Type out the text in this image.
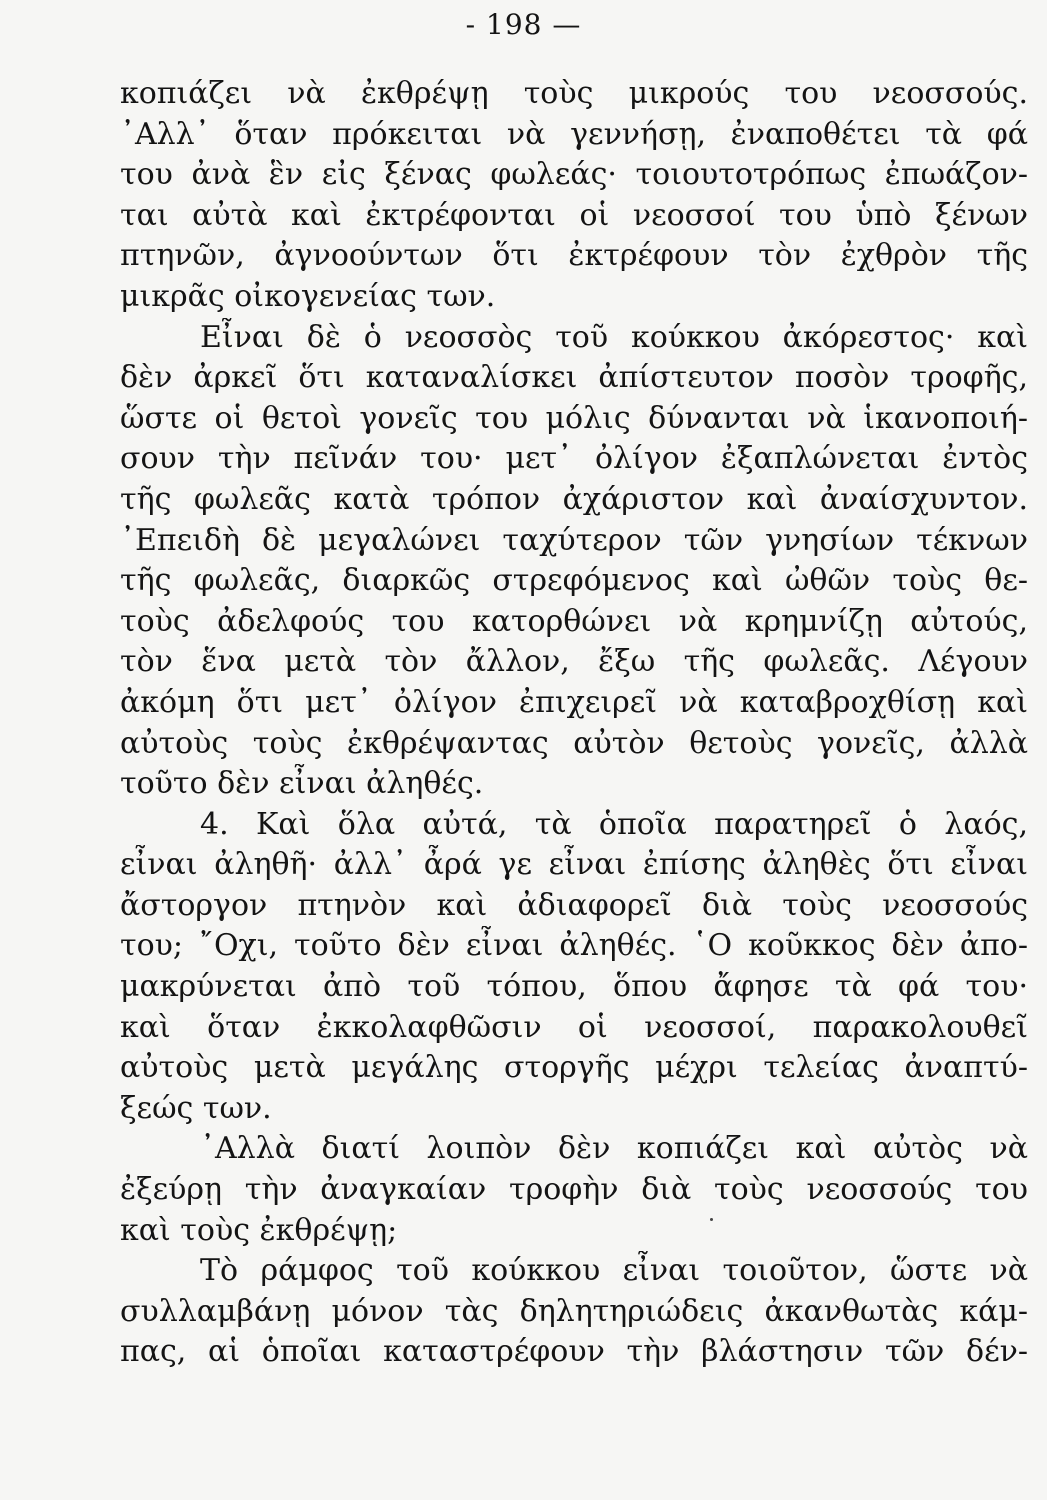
- 198 —
κοπιάζει νὰ ἐκθρέψῃ τοὺς μικρούς του νεοσσούς.
᾿Αλλ᾿ ὅταν πρόκειται νὰ γεννήσῃ, ἐναποθέτει τὰ φά
του ἀνὰ ἓν εἰς ξένας φωλεάς· τοιουτοτρόπως ἐπωάζον-
ται αὐτὰ καὶ ἐκτρέφονται οἱ νεοσσοί του ὑπὸ ξένων
πτηνῶν, ἀγνοούντων ὅτι ἐκτρέφουν τὸν ἐχθρὸν τῆς
μικρᾶς οἰκογενείας των.
Εἶναι δὲ ὁ νεοσσὸς τοῦ κούκκου ἀκόρεστος· καὶ
δὲν ἀρκεῖ ὅτι καταναλίσκει ἀπίστευτον ποσὸν τροφῆς,
ὥστε οἱ θετοὶ γονεῖς του μόλις δύνανται νὰ ἱκανοποιή-
σουν τὴν πεῖνάν του· μετ᾿ ὀλίγον ἐξαπλώνεται ἐντὸς
τῆς φωλεᾶς κατὰ τρόπον ἀχάριστον καὶ ἀναίσχυντον.
᾿Επειδὴ δὲ μεγαλώνει ταχύτερον τῶν γνησίων τέκνων
τῆς φωλεᾶς, διαρκῶς στρεφόμενος καὶ ὠθῶν τοὺς θε-
τοὺς ἀδελφούς του κατορθώνει νὰ κρημνίζῃ αὐτούς,
τὸν ἕνα μετὰ τὸν ἄλλον, ἔξω τῆς φωλεᾶς. Λέγουν
ἀκόμη ὅτι μετ᾿ ὀλίγον ἐπιχειρεῖ νὰ καταβροχθίσῃ καὶ
αὐτοὺς τοὺς ἐκθρέψαντας αὐτὸν θετοὺς γονεῖς, ἀλλὰ
τοῦτο δὲν εἶναι ἀληθές.
4. Καὶ ὅλα αὐτά, τὰ ὁποῖα παρατηρεῖ ὁ λαός,
εἶναι ἀληθῆ· ἀλλ᾿ ἆρά γε εἶναι ἐπίσης ἀληθὲς ὅτι εἶναι
ἄστοργον πτηνὸν καὶ ἀδιαφορεῖ διὰ τοὺς νεοσσούς
του; ῎Οχι, τοῦτο δὲν εἶναι ἀληθές. ῾Ο κοῦκκος δὲν ἀπο-
μακρύνεται ἀπὸ τοῦ τόπου, ὅπου ἄφησε τὰ φά του·
καὶ ὅταν ἐκκολαφθῶσιν οἱ νεοσσοί, παρακολουθεῖ
αὐτοὺς μετὰ μεγάλης στοργῆς μέχρι τελείας ἀναπτύ-
ξεώς των.
᾿Αλλὰ διατί λοιπὸν δὲν κοπιάζει καὶ αὐτὸς νὰ
ἐξεύρῃ τὴν ἀναγκαίαν τροφὴν διὰ τοὺς νεοσσούς του
καὶ τοὺς ἐκθρέψῃ;
Τὸ ράμφος τοῦ κούκκου εἶναι τοιοῦτον, ὥστε νὰ
συλλαμβάνῃ μόνον τὰς δηλητηριώδεις ἀκανθωτὰς κάμ-
πας, αἱ ὁποῖαι καταστρέφουν τὴν βλάστησιν τῶν δέν-
